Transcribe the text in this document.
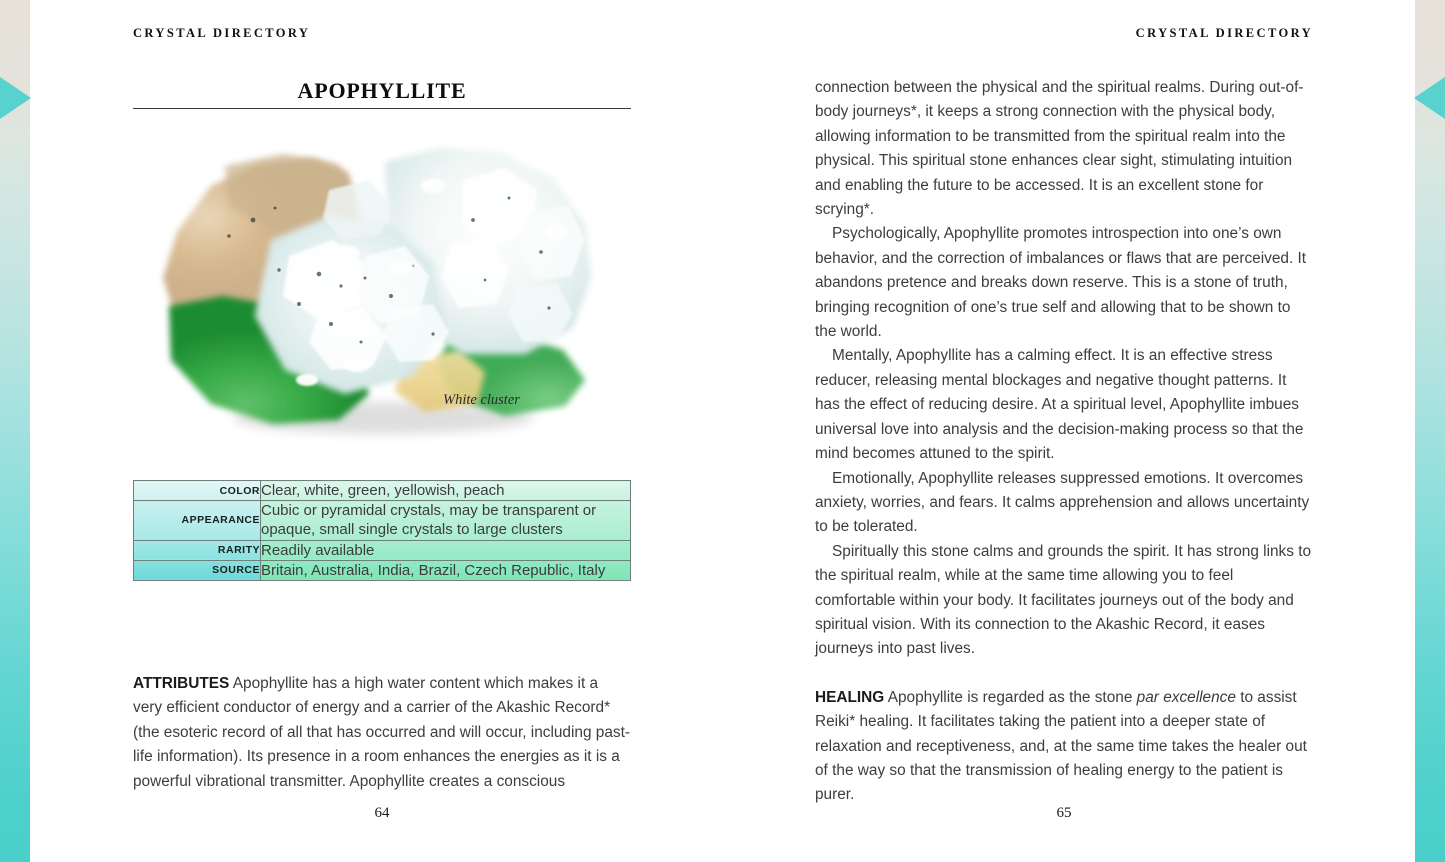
CRYSTAL DIRECTORY	CRYSTAL DIRECTORY
apophyllite
White cluster
COLOR	Clear, white, green, yellowish, peach
APPEARANCE	Cubic or pyramidal crystals, may be transparent or opaque, small single crystals to large clusters
RARITY	Readily available
SOURCE	Britain, Australia, India, Brazil, Czech Republic, Italy

ATTRIBUTES Apophyllite has a high water content which makes it a very efficient conductor of energy and a carrier of the Akashic Record* (the esoteric record of all that has occurred and will occur, including past-life information). Its presence in a room enhances the energies as it is a powerful vibrational transmitter. Apophyllite creates a conscious

connection between the physical and the spiritual realms. During out-of-body journeys*, it keeps a strong connection with the physical body, allowing information to be transmitted from the spiritual realm into the physical. This spiritual stone enhances clear sight, stimulating intuition and enabling the future to be accessed. It is an excellent stone for scrying*.

Psychologically, Apophyllite promotes introspection into one’s own behavior, and the correction of imbalances or flaws that are perceived. It abandons pretence and breaks down reserve. This is a stone of truth, bringing recognition of one’s true self and allowing that to be shown to the world.

Mentally, Apophyllite has a calming effect. It is an effective stress reducer, releasing mental blockages and negative thought patterns. It has the effect of reducing desire. At a spiritual level, Apophyllite imbues universal love into analysis and the decision-making process so that the mind becomes attuned to the spirit.

Emotionally, Apophyllite releases suppressed emotions. It overcomes anxiety, worries, and fears. It calms apprehension and allows uncertainty to be tolerated.

Spiritually this stone calms and grounds the spirit. It has strong links to the spiritual realm, while at the same time allowing you to feel comfortable within your body. It facilitates journeys out of the body and spiritual vision. With its connection to the Akashic Record, it eases journeys into past lives.

HEALING Apophyllite is regarded as the stone par excellence to assist Reiki* healing. It facilitates taking the patient into a deeper state of relaxation and receptiveness, and, at the same time takes the healer out of the way so that the transmission of healing energy to the patient is purer.

64	65
